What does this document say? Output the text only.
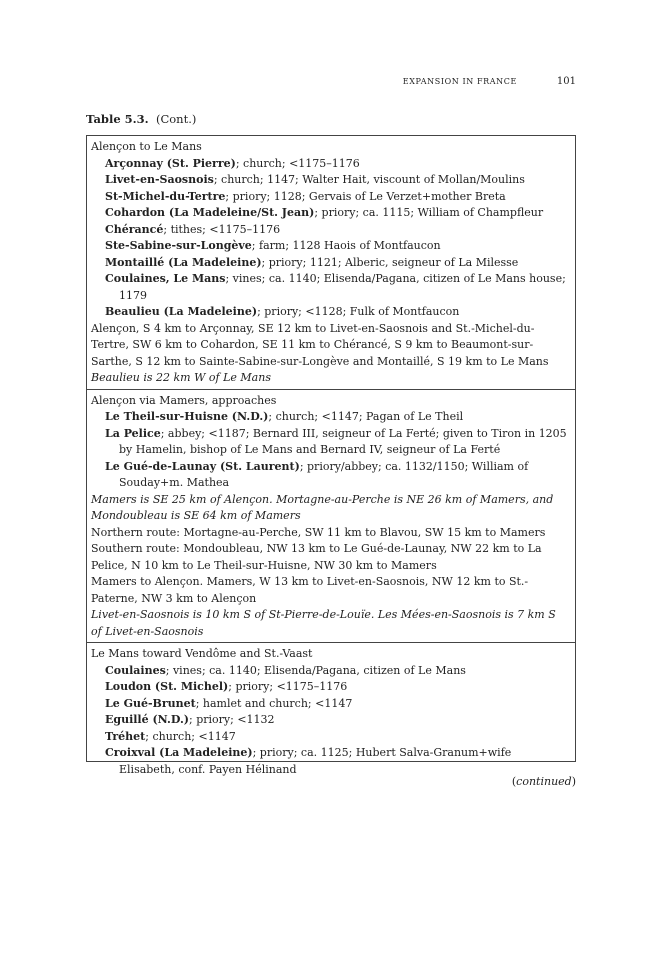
EXPANSION IN FRANCE	101
Table 5.3. (Cont.)
Alençon to Le Mans
Arçonnay (St. Pierre); church; <1175–1176
Livet-en-Saosnois; church; 1147; Walter Hait, viscount of Mollan/Moulins
St-Michel-du-Tertre; priory; 1128; Gervais of Le Verzet+mother Breta
Cohardon (La Madeleine/St. Jean); priory; ca. 1115; William of Champfleur
Chérancé; tithes; <1175–1176
Ste-Sabine-sur-Longève; farm; 1128 Haois of Montfaucon
Montaillé (La Madeleine); priory; 1121; Alberic, seigneur of La Milesse
Coulaines, Le Mans; vines; ca. 1140; Elisenda/Pagana, citizen of Le Mans house; 1179
Beaulieu (La Madeleine); priory; <1128; Fulk of Montfaucon
Alençon, S 4 km to Arçonnay, SE 12 km to Livet-en-Saosnois and St.-Michel-du-Tertre, SW 6 km to Cohardon, SE 11 km to Chérancé, S 9 km to Beaumont-sur-Sarthe, S 12 km to Sainte-Sabine-sur-Longève and Montaillé, S 19 km to Le Mans
Beaulieu is 22 km W of Le Mans
Alençon via Mamers, approaches
Le Theil-sur-Huisne (N.D.); church; <1147; Pagan of Le Theil
La Pelice; abbey; <1187; Bernard III, seigneur of La Ferté; given to Tiron in 1205 by Hamelin, bishop of Le Mans and Bernard IV, seigneur of La Ferté
Le Gué-de-Launay (St. Laurent); priory/abbey; ca. 1132/1150; William of Souday+m. Mathea
Mamers is SE 25 km of Alençon. Mortagne-au-Perche is NE 26 km of Mamers, and Mondoubleau is SE 64 km of Mamers
Northern route: Mortagne-au-Perche, SW 11 km to Blavou, SW 15 km to Mamers
Southern route: Mondoubleau, NW 13 km to Le Gué-de-Launay, NW 22 km to La Pelice, N 10 km to Le Theil-sur-Huisne, NW 30 km to Mamers
Mamers to Alençon. Mamers, W 13 km to Livet-en-Saosnois, NW 12 km to St.-Paterne, NW 3 km to Alençon
Livet-en-Saosnois is 10 km S of St-Pierre-de-Louïe. Les Mées-en-Saosnois is 7 km S of Livet-en-Saosnois
Le Mans toward Vendôme and St.-Vaast
Coulaines; vines; ca. 1140; Elisenda/Pagana, citizen of Le Mans
Loudon (St. Michel); priory; <1175–1176
Le Gué-Brunet; hamlet and church; <1147
Eguillé (N.D.); priory; <1132
Tréhet; church; <1147
Croixval (La Madeleine); priory; ca. 1125; Hubert Salva-Granum+wife Elisabeth, conf. Payen Hélinand
(continued)
